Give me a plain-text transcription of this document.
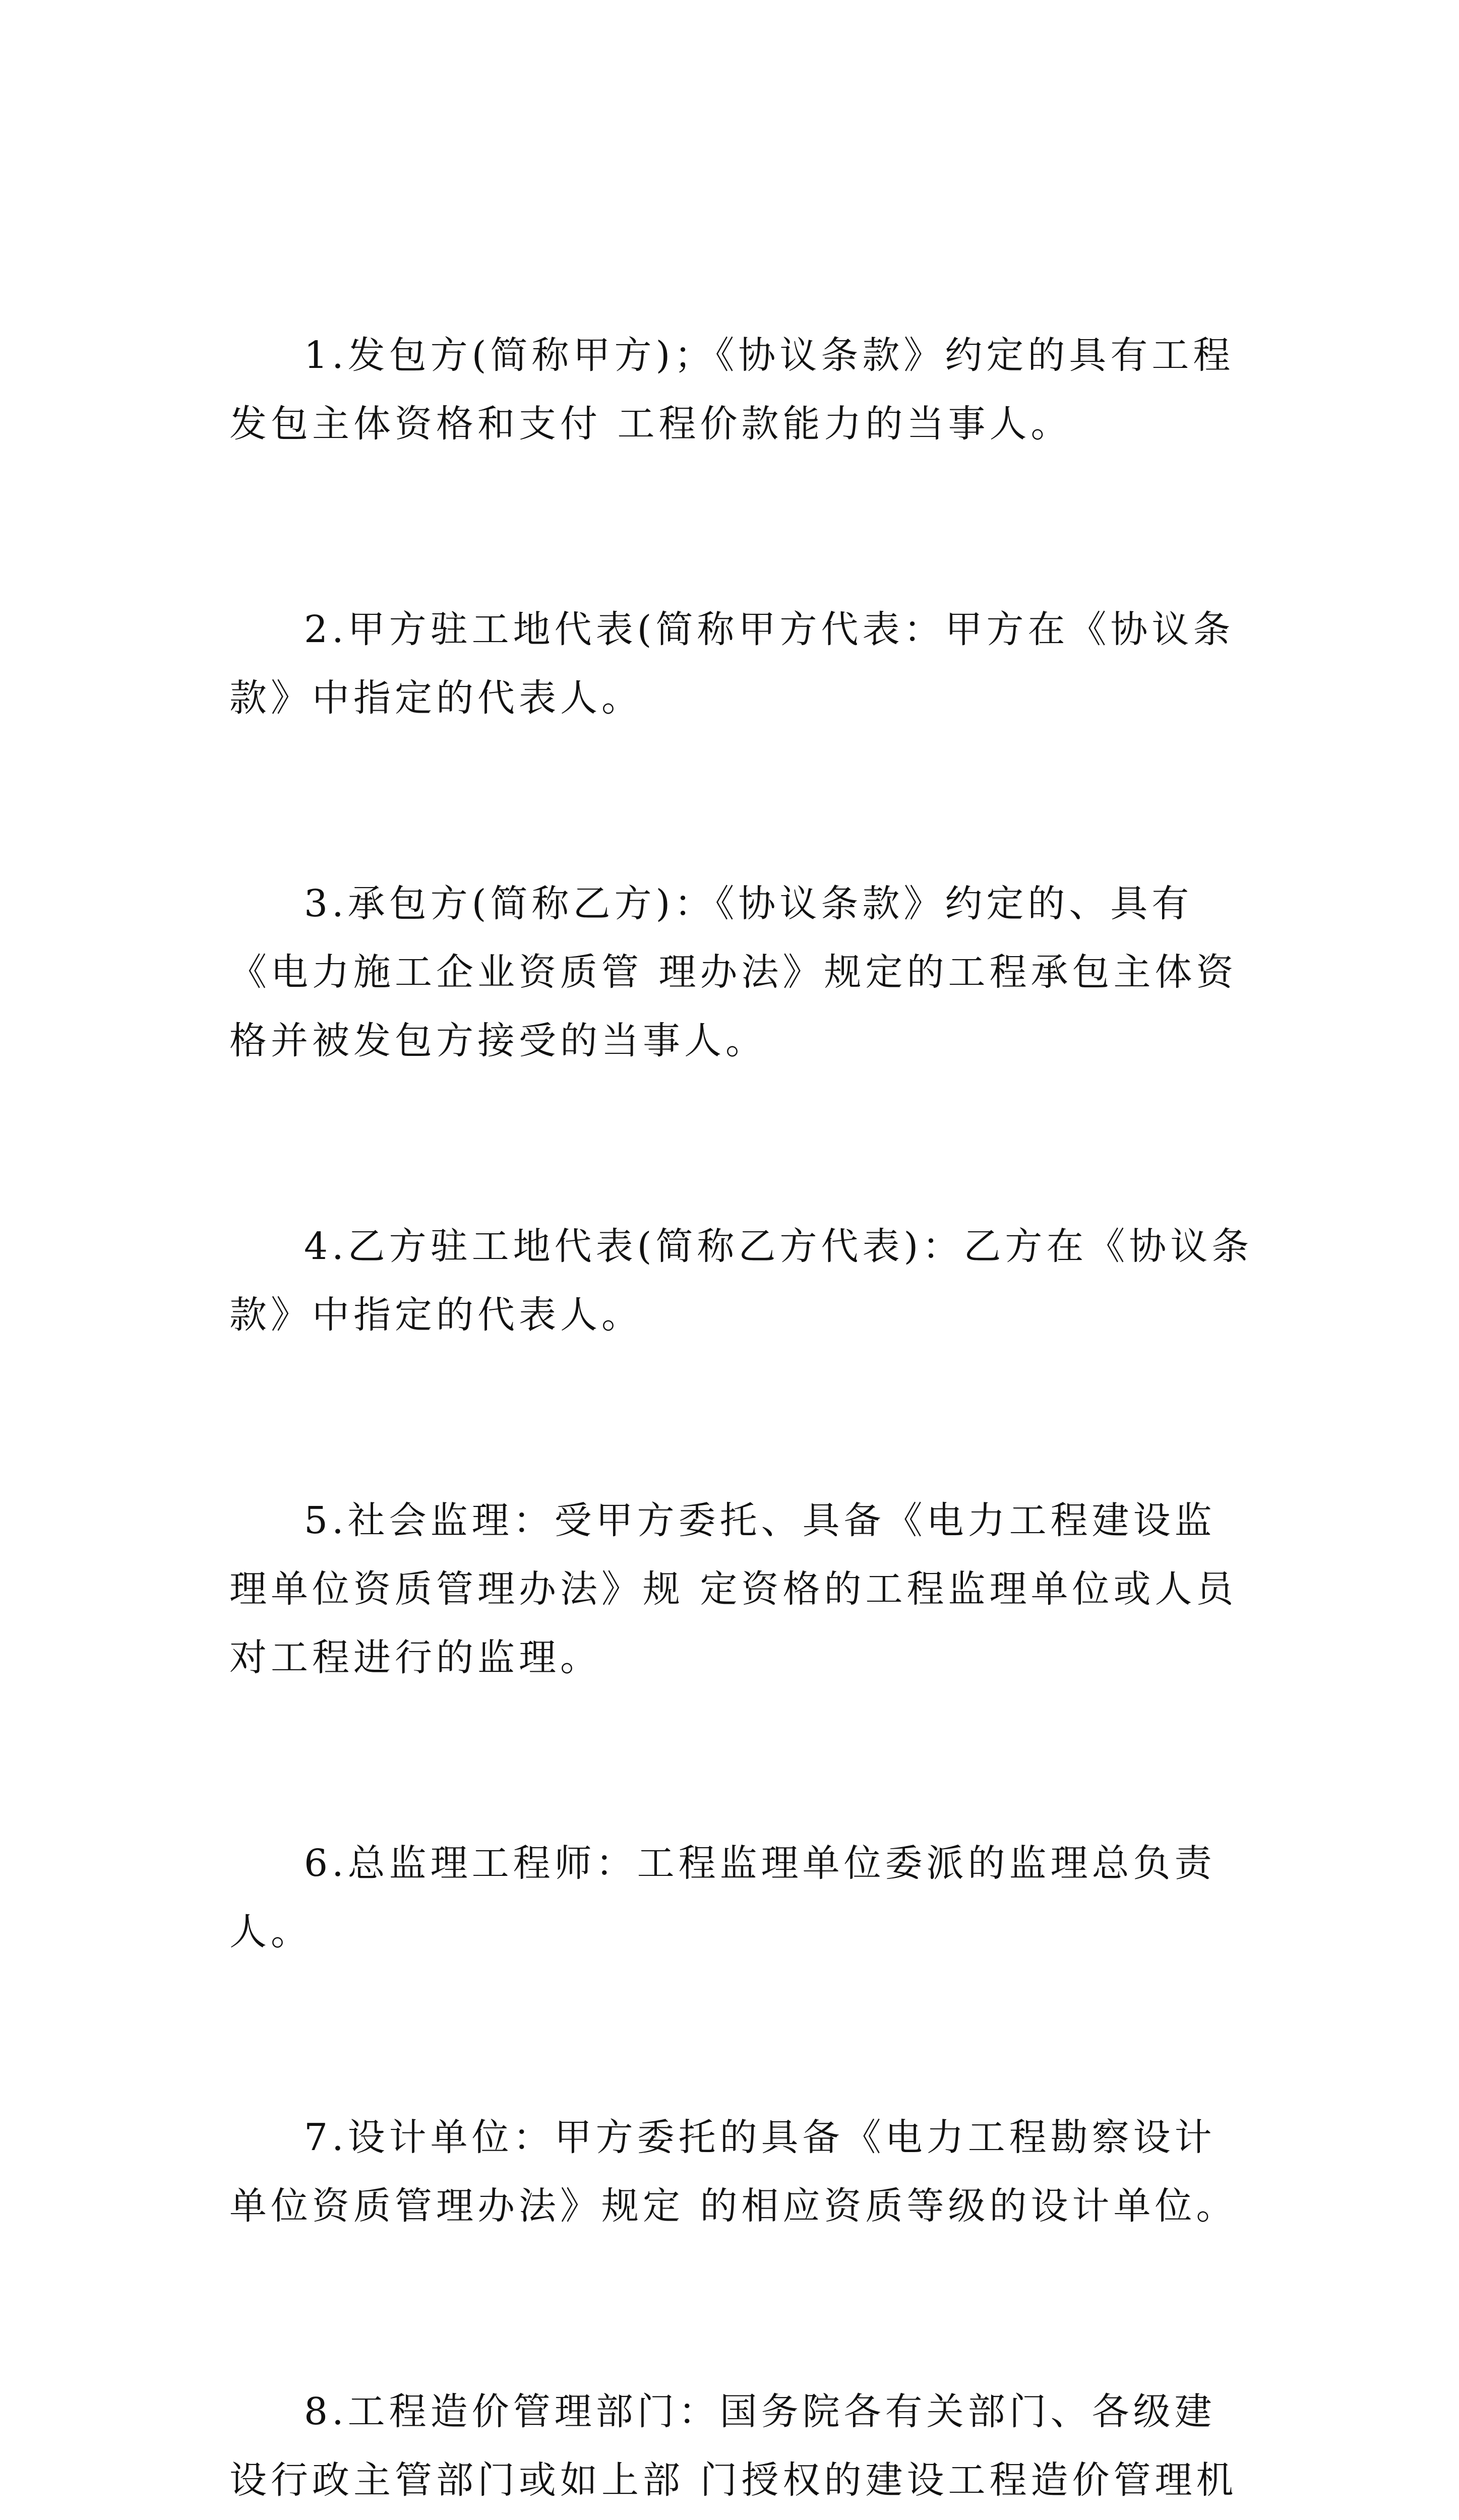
1.发包方(简称甲方)；《协议条款》约定的具有工程发包主体资格和支付 工程价款能力的当事人。

2.甲方驻工地代表(简称甲方代表：甲方在《协议条款》中指定的代表人。

3.承包方(简称乙方)：《协议条款》约定的、具有《电力施工企业资质管 理办法》规定的工程承包主体资格并被发包方接受的当事人。

4.乙方驻工地代表(简称乙方代表)：乙方在《协议条款》中指定的代表人。

5.社会监理：受甲方委托、具备《电力工程建设监理单位资质管理办法》规 定资格的工程监理单位或人员对工程进行的监理。

6.总监理工程师：工程监理单位委派的监理总负责人。

7.设计单位：甲方委托的具备《电力工程勘察设计单位资质管理办法》规定 的相应资质等级的设计单位。

8.工程造价管理部门：国务院各有关部门、各级建设行政主管部门或如上部 门授权的建设工程造价管理机
